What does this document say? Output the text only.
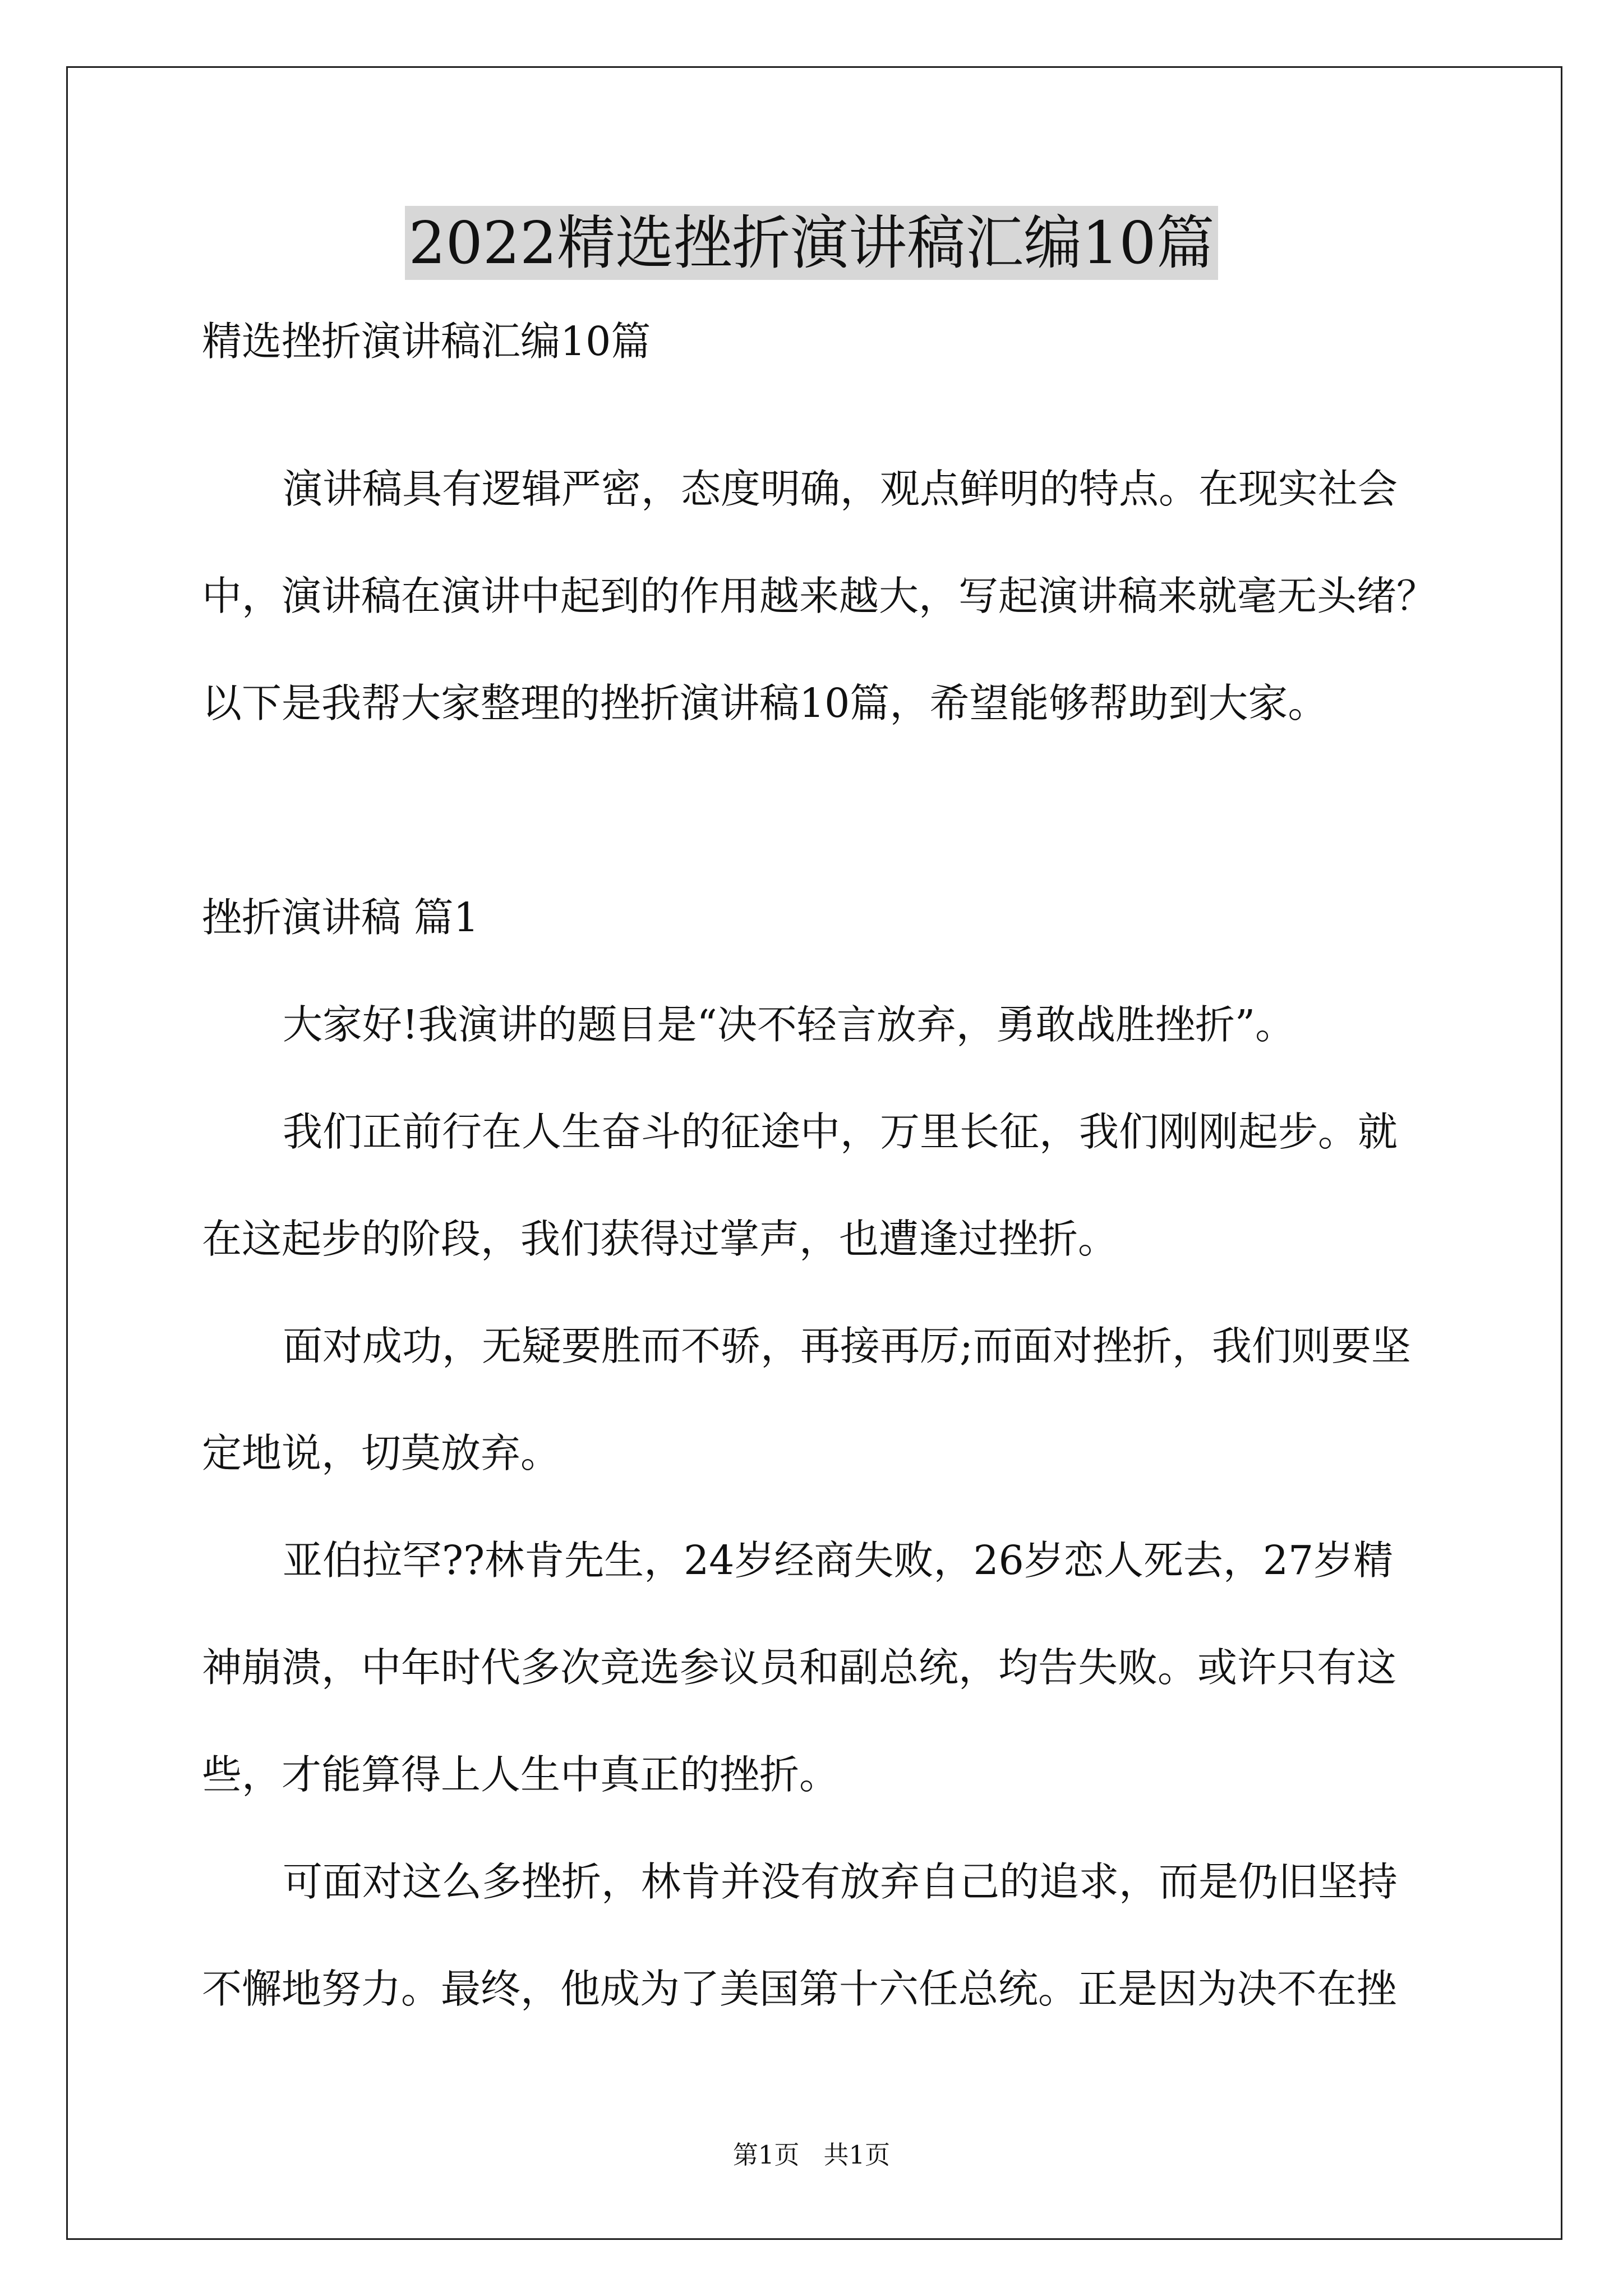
2022精选挫折演讲稿汇编10篇
精选挫折演讲稿汇编10篇
演讲稿具有逻辑严密，态度明确，观点鲜明的特点。在现实社会
中，演讲稿在演讲中起到的作用越来越大，写起演讲稿来就毫无头绪？
以下是我帮大家整理的挫折演讲稿10篇，希望能够帮助到大家。
挫折演讲稿 篇1
大家好!我演讲的题目是“决不轻言放弃，勇敢战胜挫折”。
我们正前行在人生奋斗的征途中，万里长征，我们刚刚起步。就
在这起步的阶段，我们获得过掌声，也遭逢过挫折。
面对成功，无疑要胜而不骄，再接再厉;而面对挫折，我们则要坚
定地说，切莫放弃。
亚伯拉罕??林肯先生，24岁经商失败，26岁恋人死去，27岁精
神崩溃，中年时代多次竞选参议员和副总统，均告失败。或许只有这
些，才能算得上人生中真正的挫折。
可面对这么多挫折，林肯并没有放弃自己的追求，而是仍旧坚持
不懈地努力。最终，他成为了美国第十六任总统。正是因为决不在挫
第1页   共1页
